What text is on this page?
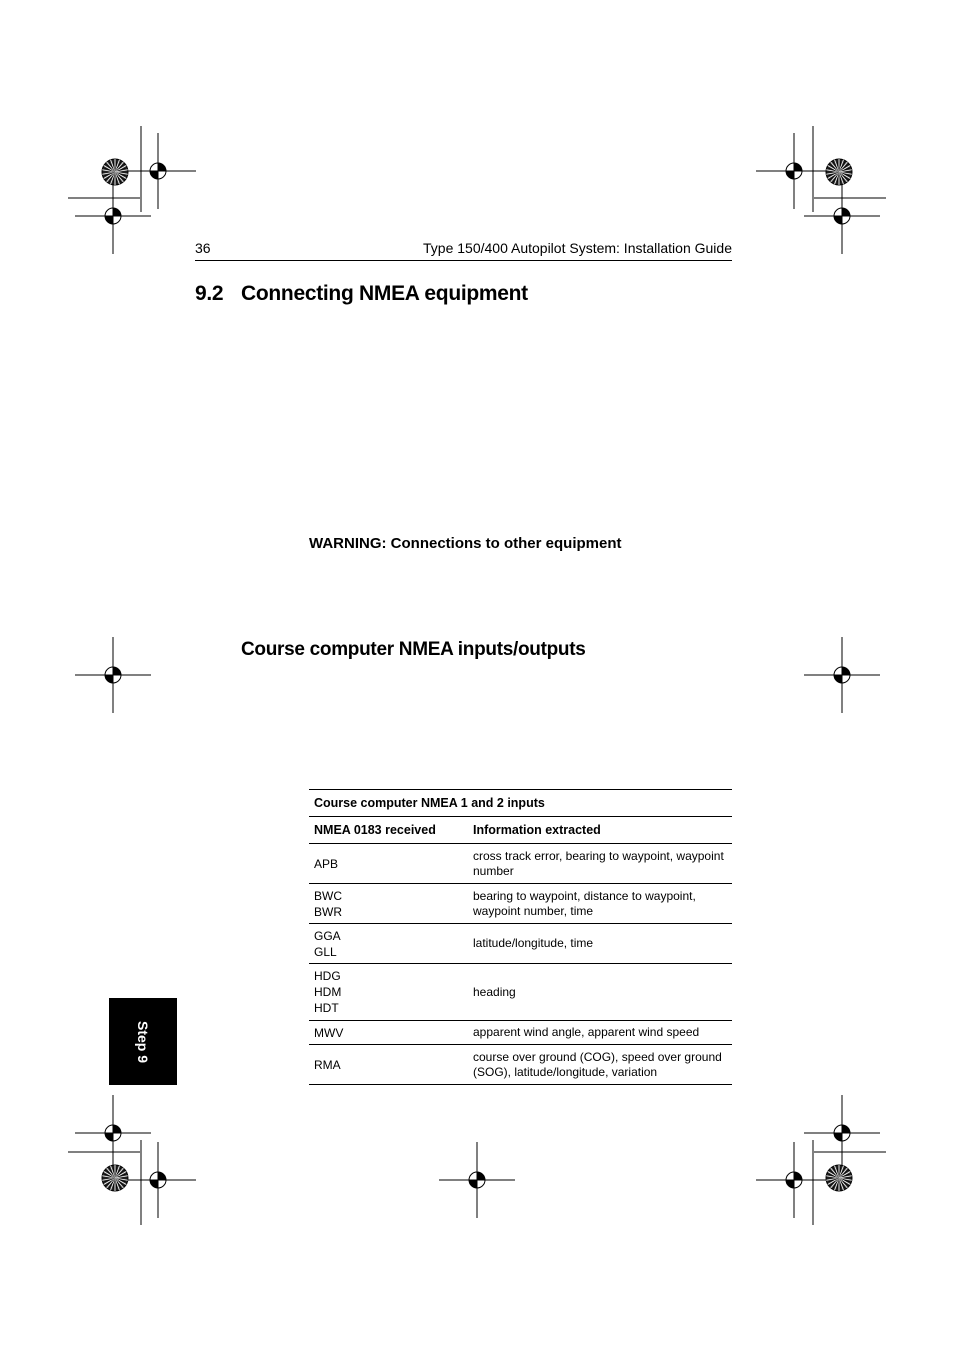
36	Type 150/400 Autopilot System: Installation Guide
9.2 Connecting NMEA equipment
WARNING: Connections to other equipment
Course computer NMEA inputs/outputs
Course computer NMEA 1 and 2 inputs	
NMEA 0183 received	Information extracted

APB	cross track error, bearing to waypoint, waypoint number

BWC
BWR	bearing to waypoint, distance to waypoint, waypoint number, time

GGA
GLL	latitude/longitude, time

HDG
HDM
HDT	heading

MWV	apparent wind angle, apparent wind speed

RMA	course over ground (COG), speed over ground (SOG), latitude/longitude, variation
Step 9
